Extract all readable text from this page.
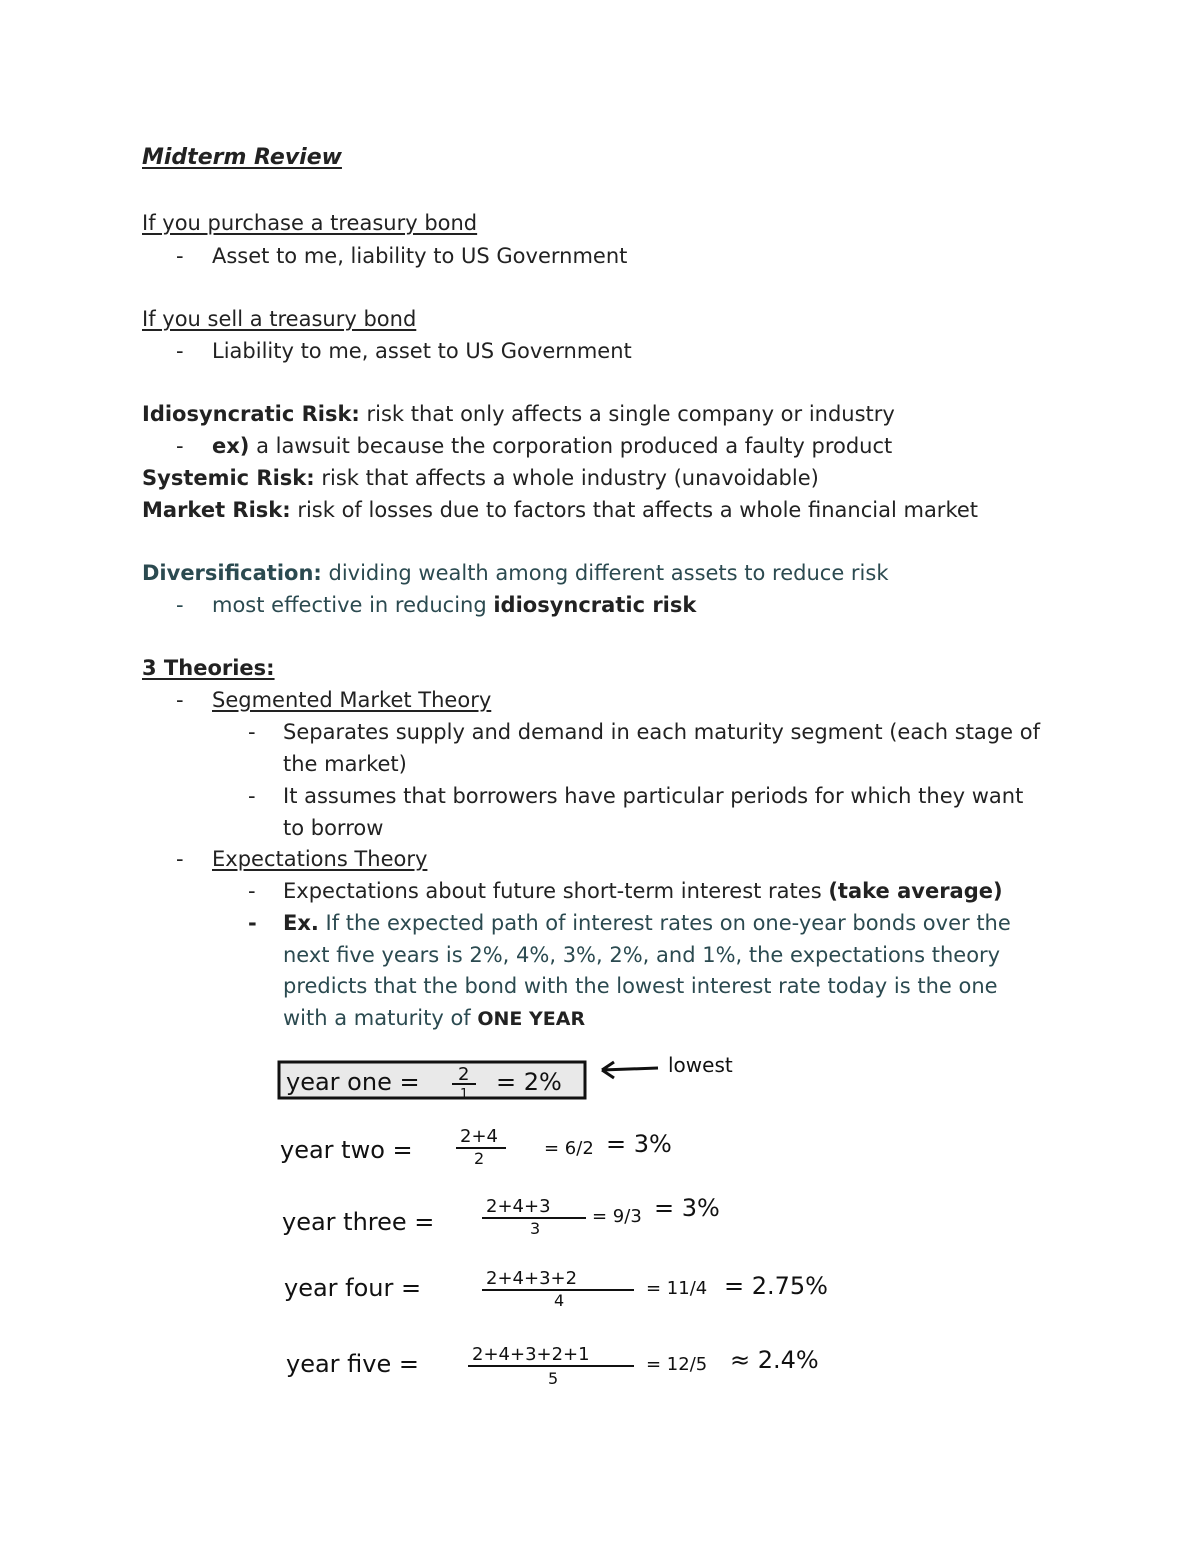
Midterm Review
If you purchase a treasury bond
- Asset to me, liability to US Government
If you sell a treasury bond
- Liability to me, asset to US Government
Idiosyncratic Risk: risk that only affects a single company or industry
- ex) a lawsuit because the corporation produced a faulty product
Systemic Risk: risk that affects a whole industry (unavoidable)
Market Risk: risk of losses due to factors that affects a whole financial market
Diversification: dividing wealth among different assets to reduce risk
- most effective in reducing idiosyncratic risk
3 Theories:
- Segmented Market Theory
- Separates supply and demand in each maturity segment (each stage of
the market)
- It assumes that borrowers have particular periods for which they want
to borrow
- Expectations Theory
- Expectations about future short-term interest rates (take average)
- Ex. If the expected path of interest rates on one-year bonds over the
next five years is 2%, 4%, 3%, 2%, and 1%, the expectations theory
predicts that the bond with the lowest interest rate today is the one
with a maturity of ONE YEAR
lowest
year one = 2
1 = 2%
year two =	2+4
2	= 6/2 = 3%
year three =
2+4+3
3
= 9/3 = 3%
year four =	2+4+3+2
4
= 11/4 = 2.75%
year five =	2+4+3+2+1
5
= 12/5 ≈ 2.4%
